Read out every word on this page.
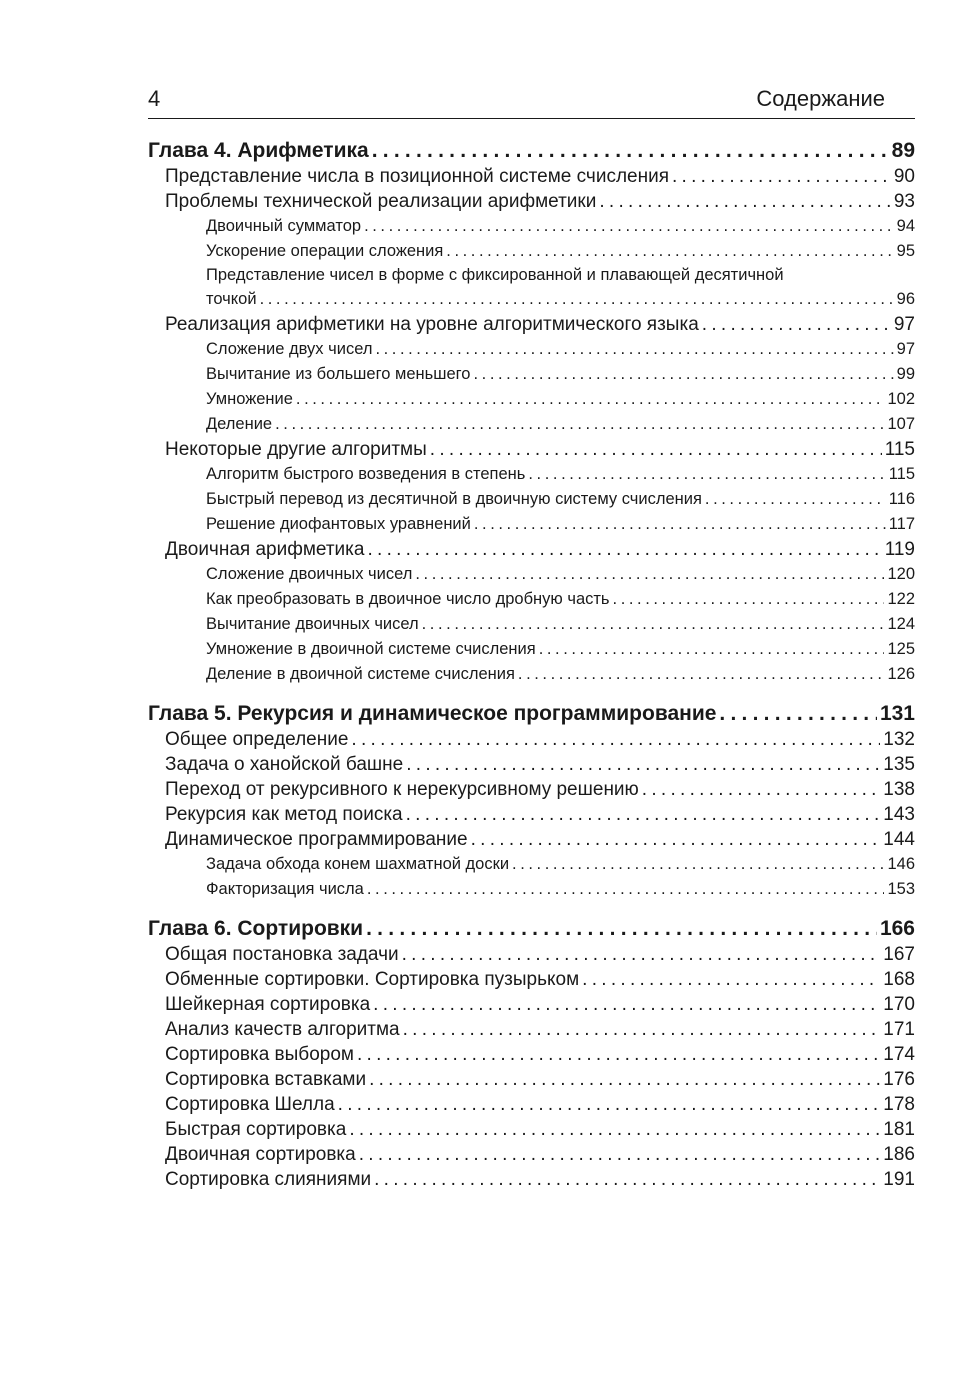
4	Содержание
Глава 4. Арифметика . . .	89
Представление числа в позиционной системе счисления . . .	90
Проблемы технической реализации арифметики . . .	93
Двоичный сумматор . . .	94
Ускорение операции сложения . . .	95
Представление чисел в форме с фиксированной и плавающей десятичной
точкой . . .	96
Реализация арифметики на уровне алгоритмического языка . . .	97
Сложение двух чисел . . .	97
Вычитание из большего меньшего . . .	99
Умножение . . .	102
Деление . . .	107
Некоторые другие алгоритмы . . .	115
Алгоритм быстрого возведения в степень . . .	115
Быстрый перевод из десятичной в двоичную систему счисления . . .	116
Решение диофантовых уравнений . . .	117
Двоичная арифметика . . .	119
Сложение двоичных чисел . . .	120
Как преобразовать в двоичное число дробную часть . . .	122
Вычитание двоичных чисел . . .	124
Умножение в двоичной системе счисления . . .	125
Деление в двоичной системе счисления . . .	126
Глава 5. Рекурсия и динамическое программирование . . .	131
Общее определение . . .	132
Задача о ханойской башне . . .	135
Переход от рекурсивного к нерекурсивному решению . . .	138
Рекурсия как метод поиска . . .	143
Динамическое программирование . . .	144
Задача обхода конем шахматной доски . . .	146
Факторизация числа . . .	153
Глава 6. Сортировки . . .	166
Общая постановка задачи . . .	167
Обменные сортировки. Сортировка пузырьком . . .	168
Шейкерная сортировка . . .	170
Анализ качеств алгоритма . . .	171
Сортировка выбором . . .	174
Сортировка вставками . . .	176
Сортировка Шелла . . .	178
Быстрая сортировка . . .	181
Двоичная сортировка . . .	186
Сортировка слияниями . . .	191
